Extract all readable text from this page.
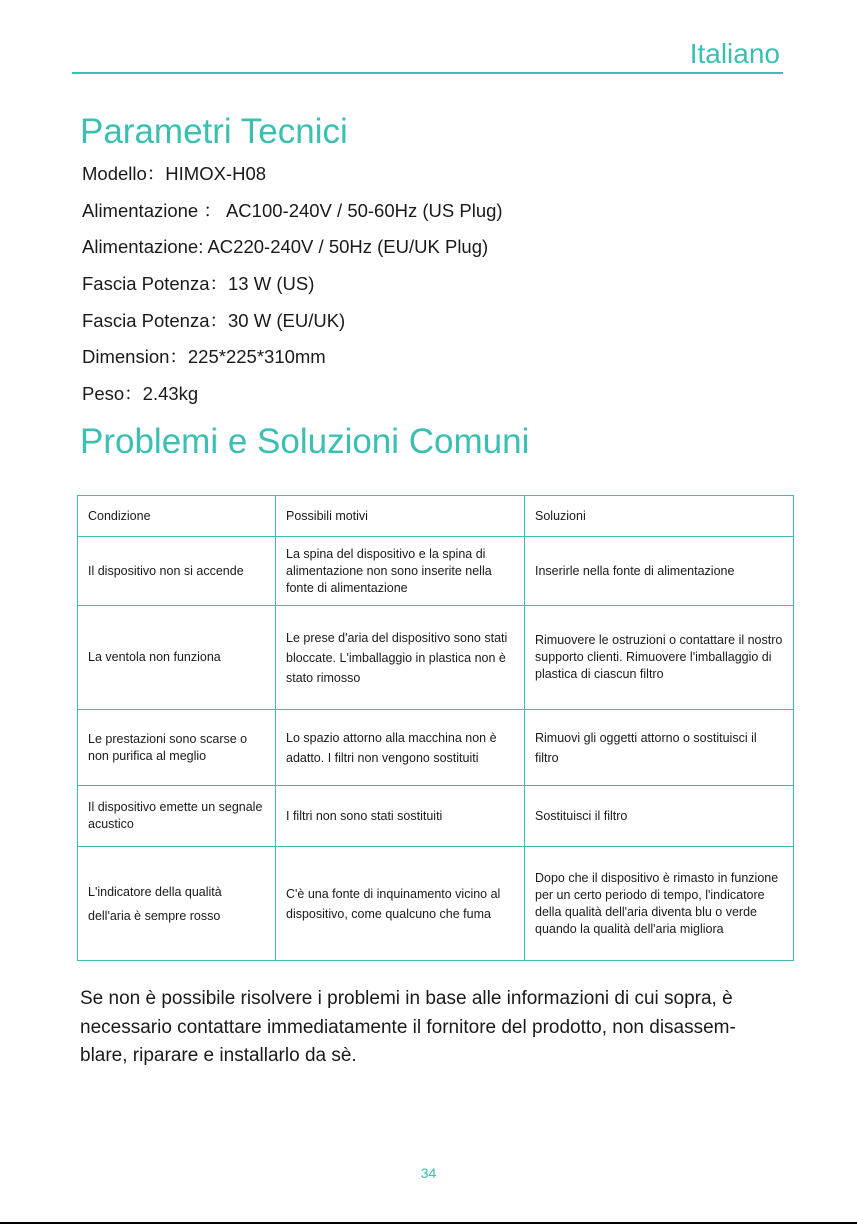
Italiano
Parametri Tecnici
Modello：HIMOX-H08
Alimentazione ： AC100-240V / 50-60Hz (US Plug)
Alimentazione: AC220-240V / 50Hz (EU/UK Plug)
Fascia Potenza：13 W (US)
Fascia Potenza：30 W (EU/UK)
Dimension：225*225*310mm
Peso：2.43kg
Problemi e Soluzioni Comuni
Condizione	Possibili motivi	Soluzioni
Il dispositivo non si accende	La spina del dispositivo e la spina di alimentazione non sono inserite nella fonte di alimentazione	Inserirle nella fonte di alimentazione
La ventola non funziona	Le prese d'aria del dispositivo sono stati bloccate. L'imballaggio in plastica non è stato rimosso	Rimuovere le ostruzioni o contattare il nostro supporto clienti. Rimuovere l'imballaggio di plastica di ciascun filtro
Le prestazioni sono scarse o non purifica al meglio	Lo spazio attorno alla macchina non è adatto. I filtri non vengono sostituiti	Rimuovi gli oggetti attorno o sostituisci il filtro
Il dispositivo emette un segnale acustico	I filtri non sono stati sostituiti	Sostituisci il filtro
L'indicatore della qualità dell'aria è sempre rosso	C'è una fonte di inquinamento vicino al dispositivo, come qualcuno che fuma	Dopo che il dispositivo è rimasto in funzione per un certo periodo di tempo, l'indicatore della qualità dell'aria diventa blu o verde quando la qualità dell'aria migliora

Se non è possibile risolvere i problemi in base alle informazioni di cui sopra, è necessario contattare immediatamente il fornitore del prodotto, non disassem-blare, riparare e installarlo da sè.

34
